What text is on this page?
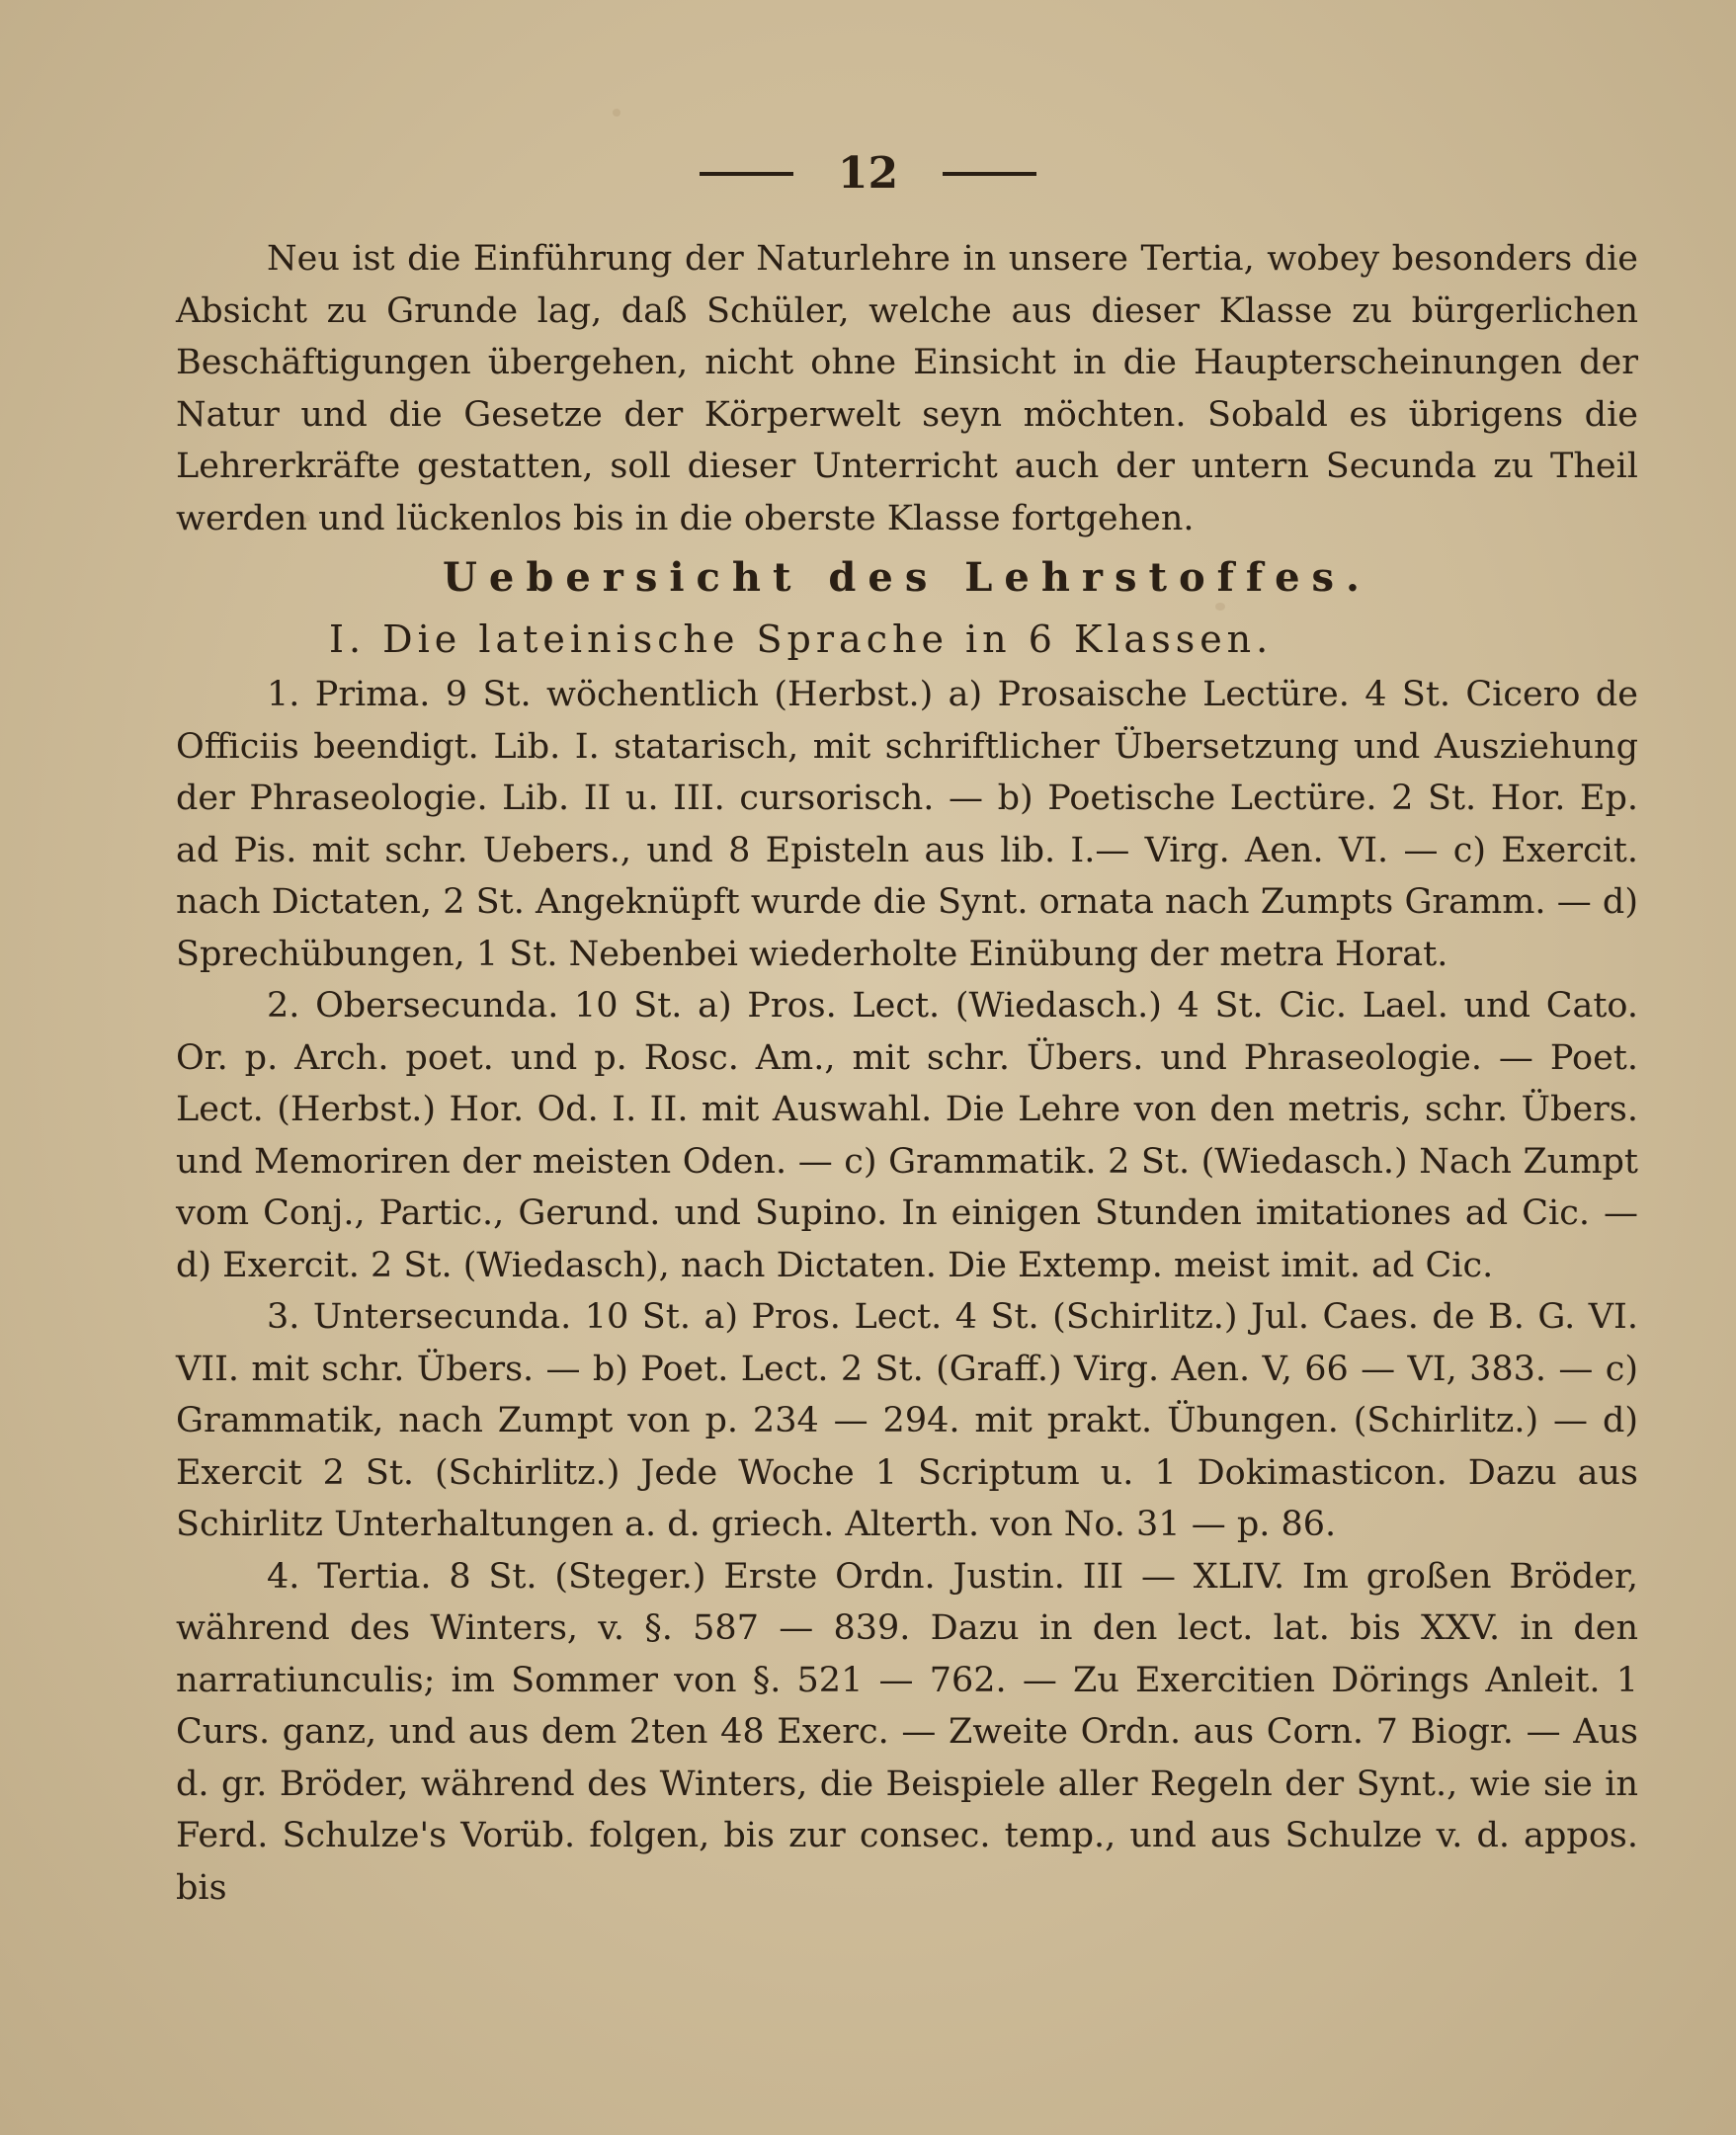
12

Neu ist die Einführung der Naturlehre in unsere Tertia, wobey besonders die Absicht zu Grunde lag, daß Schüler, welche aus dieser Klasse zu bürgerlichen Beschäftigungen übergehen, nicht ohne Einsicht in die Haupterscheinungen der Natur und die Gesetze der Körperwelt seyn möchten. Sobald es übrigens die Lehrerkräfte gestatten, soll dieser Unterricht auch der untern Secunda zu Theil werden und lückenlos bis in die oberste Klasse fortgehen.

Uebersicht des Lehrstoffes.

I. Die lateinische Sprache in 6 Klassen.

1. Prima. 9 St. wöchentlich (Herbst.) a) Prosaische Lectüre. 4 St. Cicero de Officiis beendigt. Lib. I. statarisch, mit schriftlicher Übersetzung und Ausziehung der Phraseologie. Lib. II u. III. cursorisch. — b) Poetische Lectüre. 2 St. Hor. Ep. ad Pis. mit schr. Uebers., und 8 Episteln aus lib. I.— Virg. Aen. VI. — c) Exercit. nach Dictaten, 2 St. Angeknüpft wurde die Synt. ornata nach Zumpts Gramm. — d) Sprechübungen, 1 St. Nebenbei wiederholte Einübung der metra Horat.

2. Obersecunda. 10 St. a) Pros. Lect. (Wiedasch.) 4 St. Cic. Lael. und Cato. Or. p. Arch. poet. und p. Rosc. Am., mit schr. Übers. und Phraseologie. — Poet. Lect. (Herbst.) Hor. Od. I. II. mit Auswahl. Die Lehre von den metris, schr. Übers. und Memoriren der meisten Oden. — c) Grammatik. 2 St. (Wiedasch.) Nach Zumpt vom Conj., Partic., Gerund. und Supino. In einigen Stunden imitationes ad Cic. — d) Exercit. 2 St. (Wiedasch), nach Dictaten. Die Extemp. meist imit. ad Cic.

3. Untersecunda. 10 St. a) Pros. Lect. 4 St. (Schirlitz.) Jul. Caes. de B. G. VI. VII. mit schr. Übers. — b) Poet. Lect. 2 St. (Graff.) Virg. Aen. V, 66 — VI, 383. — c) Grammatik, nach Zumpt von p. 234 — 294. mit prakt. Übungen. (Schirlitz.) — d) Exercit 2 St. (Schirlitz.) Jede Woche 1 Scriptum u. 1 Dokimasticon. Dazu aus Schirlitz Unterhaltungen a. d. griech. Alterth. von No. 31 — p. 86.

4. Tertia. 8 St. (Steger.) Erste Ordn. Justin. III — XLIV. Im großen Bröder, während des Winters, v. §. 587 — 839. Dazu in den lect. lat. bis XXV. in den narratiunculis; im Sommer von §. 521 — 762. — Zu Exercitien Dörings Anleit. 1 Curs. ganz, und aus dem 2ten 48 Exerc. — Zweite Ordn. aus Corn. 7 Biogr. — Aus d. gr. Bröder, während des Winters, die Beispiele aller Regeln der Synt., wie sie in Ferd. Schulze's Vorüb. folgen, bis zur consec. temp., und aus Schulze v. d. appos. bis
